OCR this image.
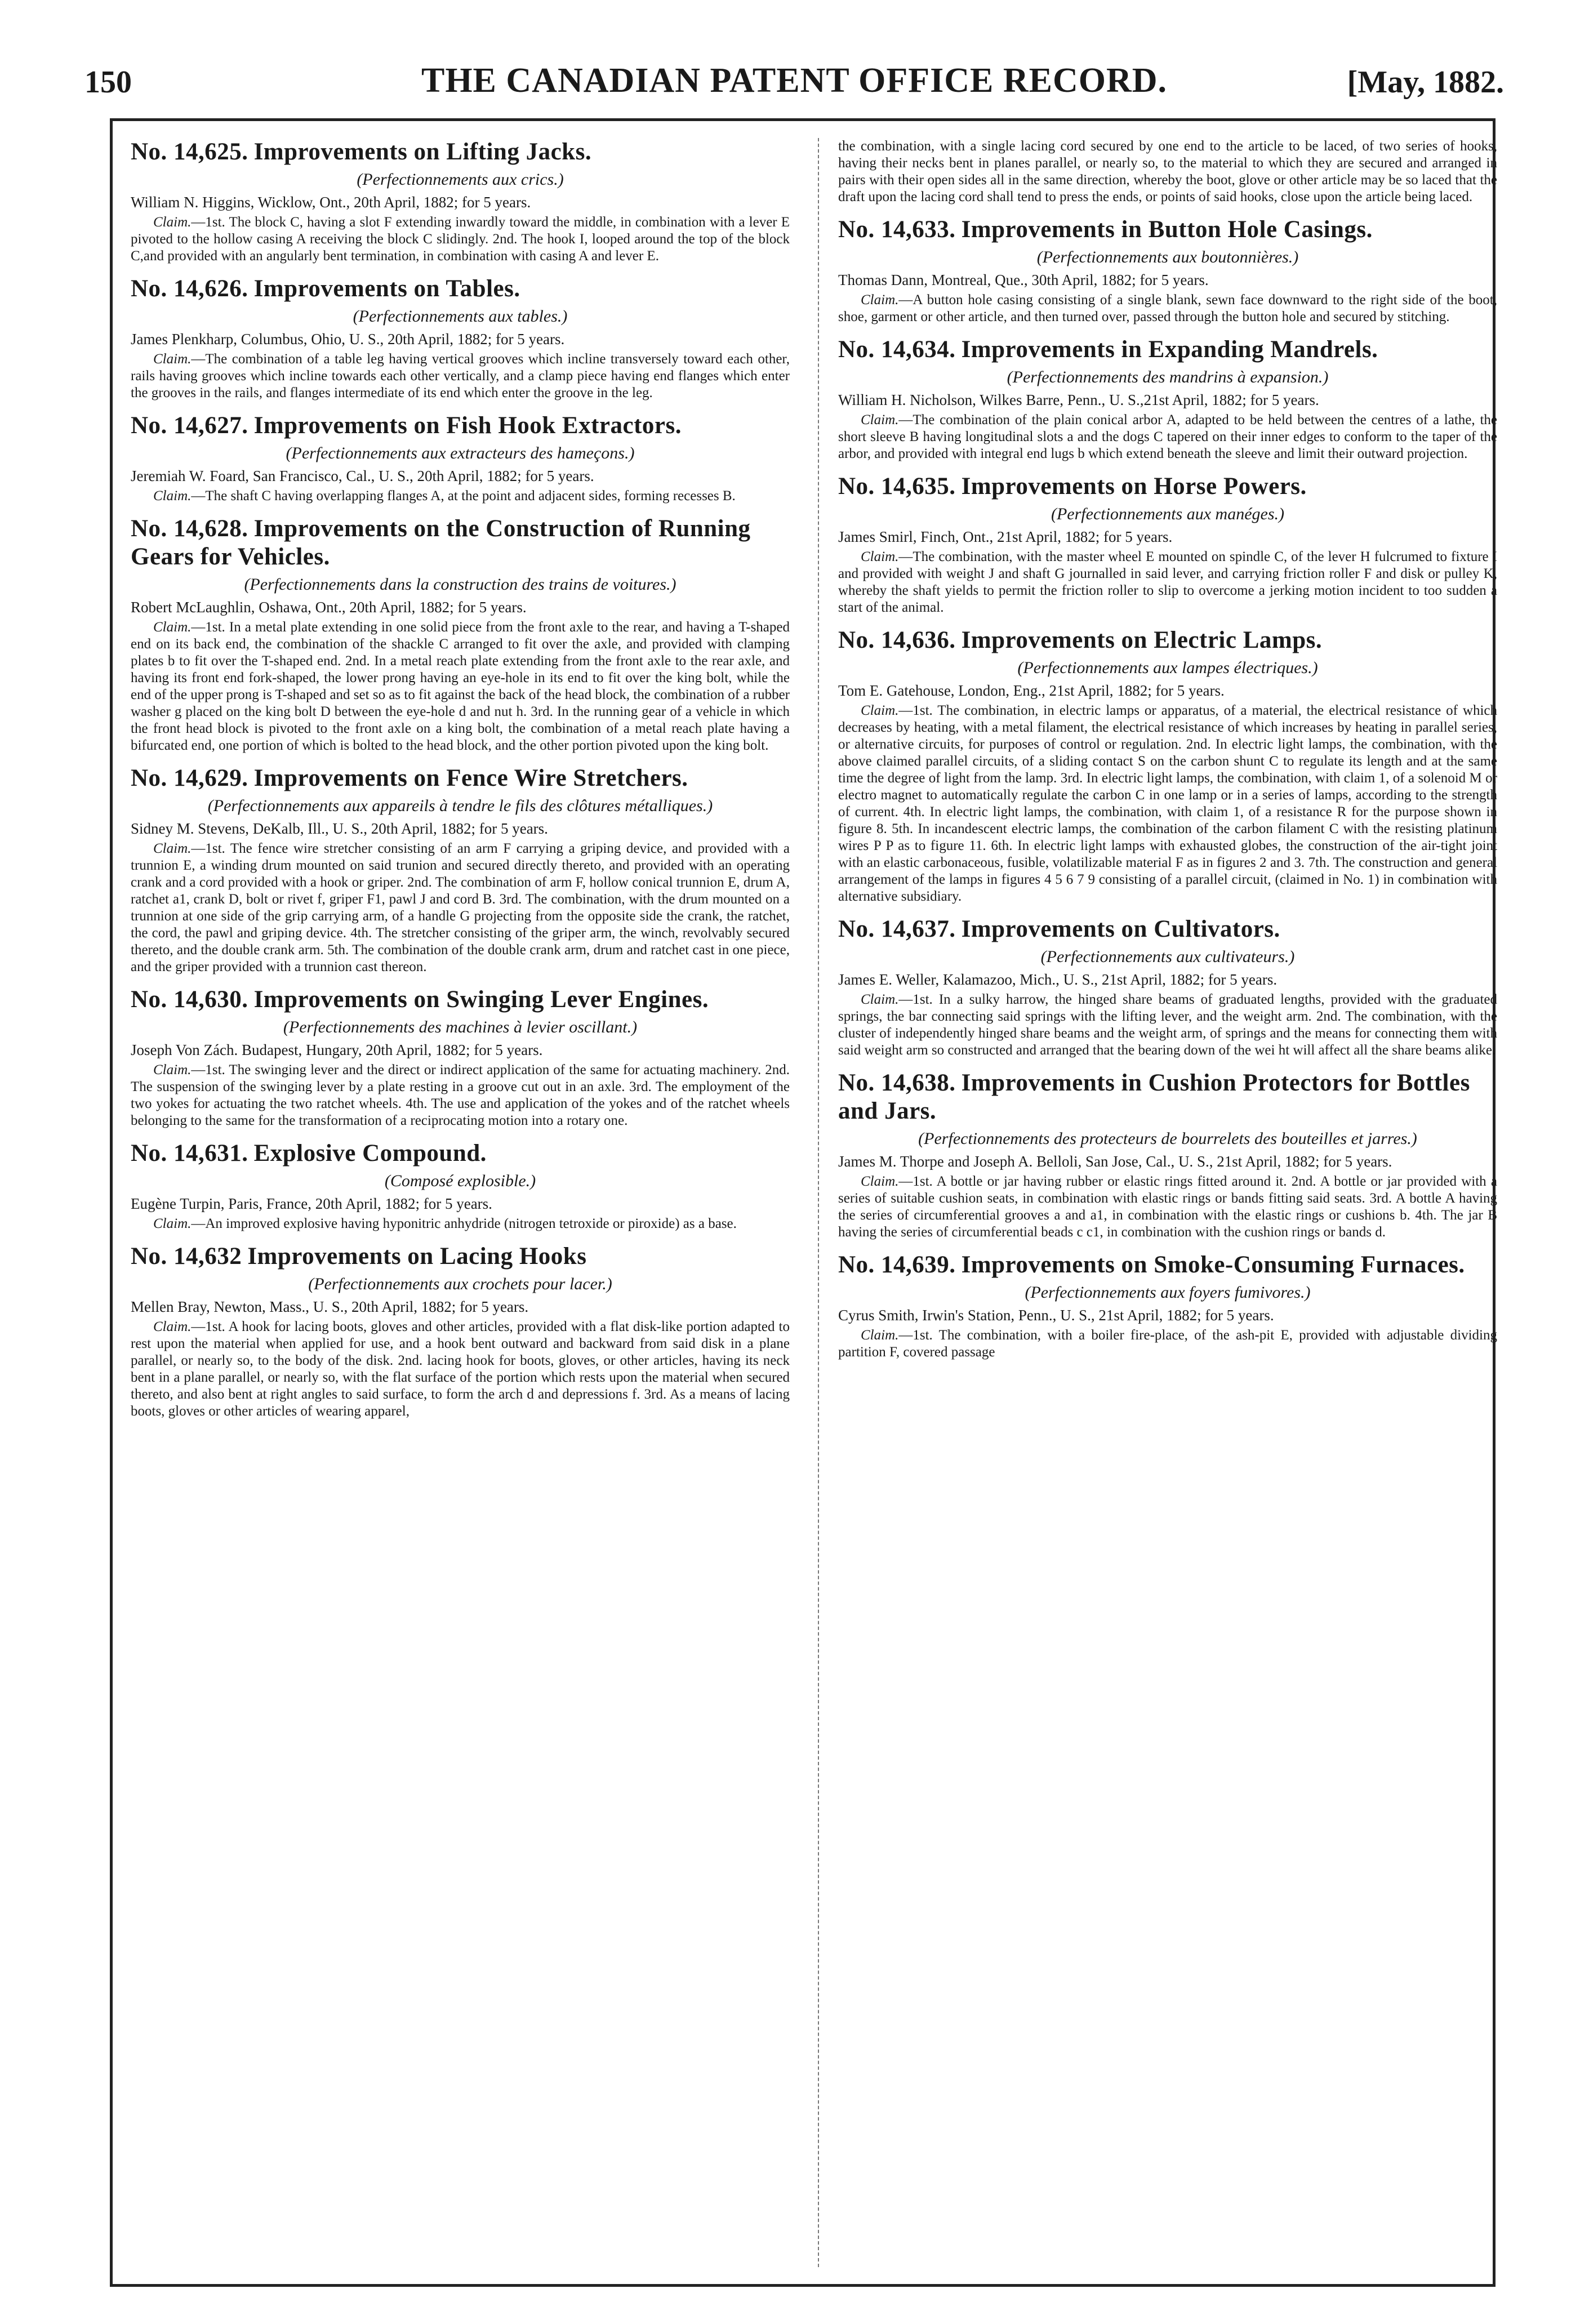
150	THE CANADIAN PATENT OFFICE RECORD.	[May, 1882.
No. 14,625. Improvements on Lifting Jacks.
(Perfectionnements aux crics.)
William N. Higgins, Wicklow, Ont., 20th April, 1882; for 5 years.

Claim.—1st. The block C, having a slot F extending inwardly toward the middle, in combination with a lever E pivoted to the hollow casing A receiving the block C slidingly. 2nd. The hook I, looped around the top of the block C,and provided with an angularly bent termination, in combination with casing A and lever E.

No. 14,626. Improvements on Tables.
(Perfectionnements aux tables.)
James Plenkharp, Columbus, Ohio, U. S., 20th April, 1882; for 5 years.

Claim.—The combination of a table leg having vertical grooves which incline transversely toward each other, rails having grooves which incline towards each other vertically, and a clamp piece having end flanges which enter the grooves in the rails, and flanges intermediate of its end which enter the groove in the leg.

No. 14,627. Improvements on Fish Hook Extractors.
(Perfectionnements aux extracteurs des hameçons.)
Jeremiah W. Foard, San Francisco, Cal., U. S., 20th April, 1882; for 5 years.

Claim.—The shaft C having overlapping flanges A, at the point and adjacent sides, forming recesses B.

No. 14,628. Improvements on the Construction of Running Gears for Vehicles.
(Perfectionnements dans la construction des trains de voitures.)
Robert McLaughlin, Oshawa, Ont., 20th April, 1882; for 5 years.

Claim.—1st. In a metal plate extending in one solid piece from the front axle to the rear, and having a T-shaped end on its back end, the combination of the shackle C arranged to fit over the axle, and provided with clamping plates b to fit over the T-shaped end. 2nd. In a metal reach plate extending from the front axle to the rear axle, and having its front end fork-shaped, the lower prong having an eye-hole in its end to fit over the king bolt, while the end of the upper prong is T-shaped and set so as to fit against the back of the head block, the combination of a rubber washer g placed on the king bolt D between the eye-hole d and nut h. 3rd. In the running gear of a vehicle in which the front head block is pivoted to the front axle on a king bolt, the combination of a metal reach plate having a bifurcated end, one portion of which is bolted to the head block, and the other portion pivoted upon the king bolt.

No. 14,629. Improvements on Fence Wire Stretchers.
(Perfectionnements aux appareils à tendre le fils des clôtures métalliques.)
Sidney M. Stevens, DeKalb, Ill., U. S., 20th April, 1882; for 5 years.

Claim.—1st. The fence wire stretcher consisting of an arm F carrying a griping device, and provided with a trunnion E, a winding drum mounted on said trunion and secured directly thereto, and provided with an operating crank and a cord provided with a hook or griper. 2nd. The combination of arm F, hollow conical trunnion E, drum A, ratchet a1, crank D, bolt or rivet f, griper F1, pawl J and cord B. 3rd. The combination, with the drum mounted on a trunnion at one side of the grip carrying arm, of a handle G projecting from the opposite side the crank, the ratchet, the cord, the pawl and griping device. 4th. The stretcher consisting of the griper arm, the winch, revolvably secured thereto, and the double crank arm. 5th. The combination of the double crank arm, drum and ratchet cast in one piece, and the griper provided with a trunnion cast thereon.

No. 14,630. Improvements on Swinging Lever Engines.
(Perfectionnements des machines à levier oscillant.)
Joseph Von Zách. Budapest, Hungary, 20th April, 1882; for 5 years.

Claim.—1st. The swinging lever and the direct or indirect application of the same for actuating machinery. 2nd. The suspension of the swinging lever by a plate resting in a groove cut out in an axle. 3rd. The employment of the two yokes for actuating the two ratchet wheels. 4th. The use and application of the yokes and of the ratchet wheels belonging to the same for the transformation of a reciprocating motion into a rotary one.

No. 14,631. Explosive Compound.
(Composé explosible.)
Eugène Turpin, Paris, France, 20th April, 1882; for 5 years.

Claim.—An improved explosive having hyponitric anhydride (nitrogen tetroxide or piroxide) as a base.

No. 14,632 Improvements on Lacing Hooks
(Perfectionnements aux crochets pour lacer.)
Mellen Bray, Newton, Mass., U. S., 20th April, 1882; for 5 years.

Claim.—1st. A hook for lacing boots, gloves and other articles, provided with a flat disk-like portion adapted to rest upon the material when applied for use, and a hook bent outward and backward from said disk in a plane parallel, or nearly so, to the body of the disk. 2nd. lacing hook for boots, gloves, or other articles, having its neck bent in a plane parallel, or nearly so, with the flat surface of the portion which rests upon the material when secured thereto, and also bent at right angles to said surface, to form the arch d and depressions f. 3rd. As a means of lacing boots, gloves or other articles of wearing apparel,

the combination, with a single lacing cord secured by one end to the article to be laced, of two series of hooks, having their necks bent in planes parallel, or nearly so, to the material to which they are secured and arranged in pairs with their open sides all in the same direction, whereby the boot, glove or other article may be so laced that the draft upon the lacing cord shall tend to press the ends, or points of said hooks, close upon the article being laced.

No. 14,633. Improvements in Button Hole Casings.
(Perfectionnements aux boutonnières.)
Thomas Dann, Montreal, Que., 30th April, 1882; for 5 years.

Claim.—A button hole casing consisting of a single blank, sewn face downward to the right side of the boot, shoe, garment or other article, and then turned over, passed through the button hole and secured by stitching.

No. 14,634. Improvements in Expanding Mandrels.
(Perfectionnements des mandrins à expansion.)
William H. Nicholson, Wilkes Barre, Penn., U. S.,21st April, 1882; for 5 years.

Claim.—The combination of the plain conical arbor A, adapted to be held between the centres of a lathe, the short sleeve B having longitudinal slots a and the dogs C tapered on their inner edges to conform to the taper of the arbor, and provided with integral end lugs b which extend beneath the sleeve and limit their outward projection.

No. 14,635. Improvements on Horse Powers.
(Perfectionnements aux manéges.)
James Smirl, Finch, Ont., 21st April, 1882; for 5 years.

Claim.—The combination, with the master wheel E mounted on spindle C, of the lever H fulcrumed to fixture I and provided with weight J and shaft G journalled in said lever, and carrying friction roller F and disk or pulley K, whereby the shaft yields to permit the friction roller to slip to overcome a jerking motion incident to too sudden a start of the animal.

No. 14,636. Improvements on Electric Lamps.
(Perfectionnements aux lampes électriques.)
Tom E. Gatehouse, London, Eng., 21st April, 1882; for 5 years.

Claim.—1st. The combination, in electric lamps or apparatus, of a material, the electrical resistance of which decreases by heating, with a metal filament, the electrical resistance of which increases by heating in parallel series, or alternative circuits, for purposes of control or regulation. 2nd. In electric light lamps, the combination, with the above claimed parallel circuits, of a sliding contact S on the carbon shunt C to regulate its length and at the same time the degree of light from the lamp. 3rd. In electric light lamps, the combination, with claim 1, of a solenoid M or electro magnet to automatically regulate the carbon C in one lamp or in a series of lamps, according to the strength of current. 4th. In electric light lamps, the combination, with claim 1, of a resistance R for the purpose shown in figure 8. 5th. In incandescent electric lamps, the combination of the carbon filament C with the resisting platinum wires P P as to figure 11. 6th. In electric light lamps with exhausted globes, the construction of the air-tight joint with an elastic carbonaceous, fusible, volatilizable material F as in figures 2 and 3. 7th. The construction and general arrangement of the lamps in figures 4 5 6 7 9 consisting of a parallel circuit, (claimed in No. 1) in combination with alternative subsidiary.

No. 14,637. Improvements on Cultivators.
(Perfectionnements aux cultivateurs.)
James E. Weller, Kalamazoo, Mich., U. S., 21st April, 1882; for 5 years.

Claim.—1st. In a sulky harrow, the hinged share beams of graduated lengths, provided with the graduated springs, the bar connecting said springs with the lifting lever, and the weight arm. 2nd. The combination, with the cluster of independently hinged share beams and the weight arm, of springs and the means for connecting them with said weight arm so constructed and arranged that the bearing down of the wei ht will affect all the share beams alike.

No. 14,638. Improvements in Cushion Protectors for Bottles and Jars.
(Perfectionnements des protecteurs de bourrelets des bouteilles et jarres.)
James M. Thorpe and Joseph A. Belloli, San Jose, Cal., U. S., 21st April, 1882; for 5 years.

Claim.—1st. A bottle or jar having rubber or elastic rings fitted around it. 2nd. A bottle or jar provided with a series of suitable cushion seats, in combination with elastic rings or bands fitting said seats. 3rd. A bottle A having the series of circumferential grooves a and a1, in combination with the elastic rings or cushions b. 4th. The jar B having the series of circumferential beads c c1, in combination with the cushion rings or bands d.

No. 14,639. Improvements on Smoke-Consuming Furnaces.
(Perfectionnements aux foyers fumivores.)
Cyrus Smith, Irwin's Station, Penn., U. S., 21st April, 1882; for 5 years.

Claim.—1st. The combination, with a boiler fire-place, of the ash-pit E, provided with adjustable dividing partition F, covered passage
